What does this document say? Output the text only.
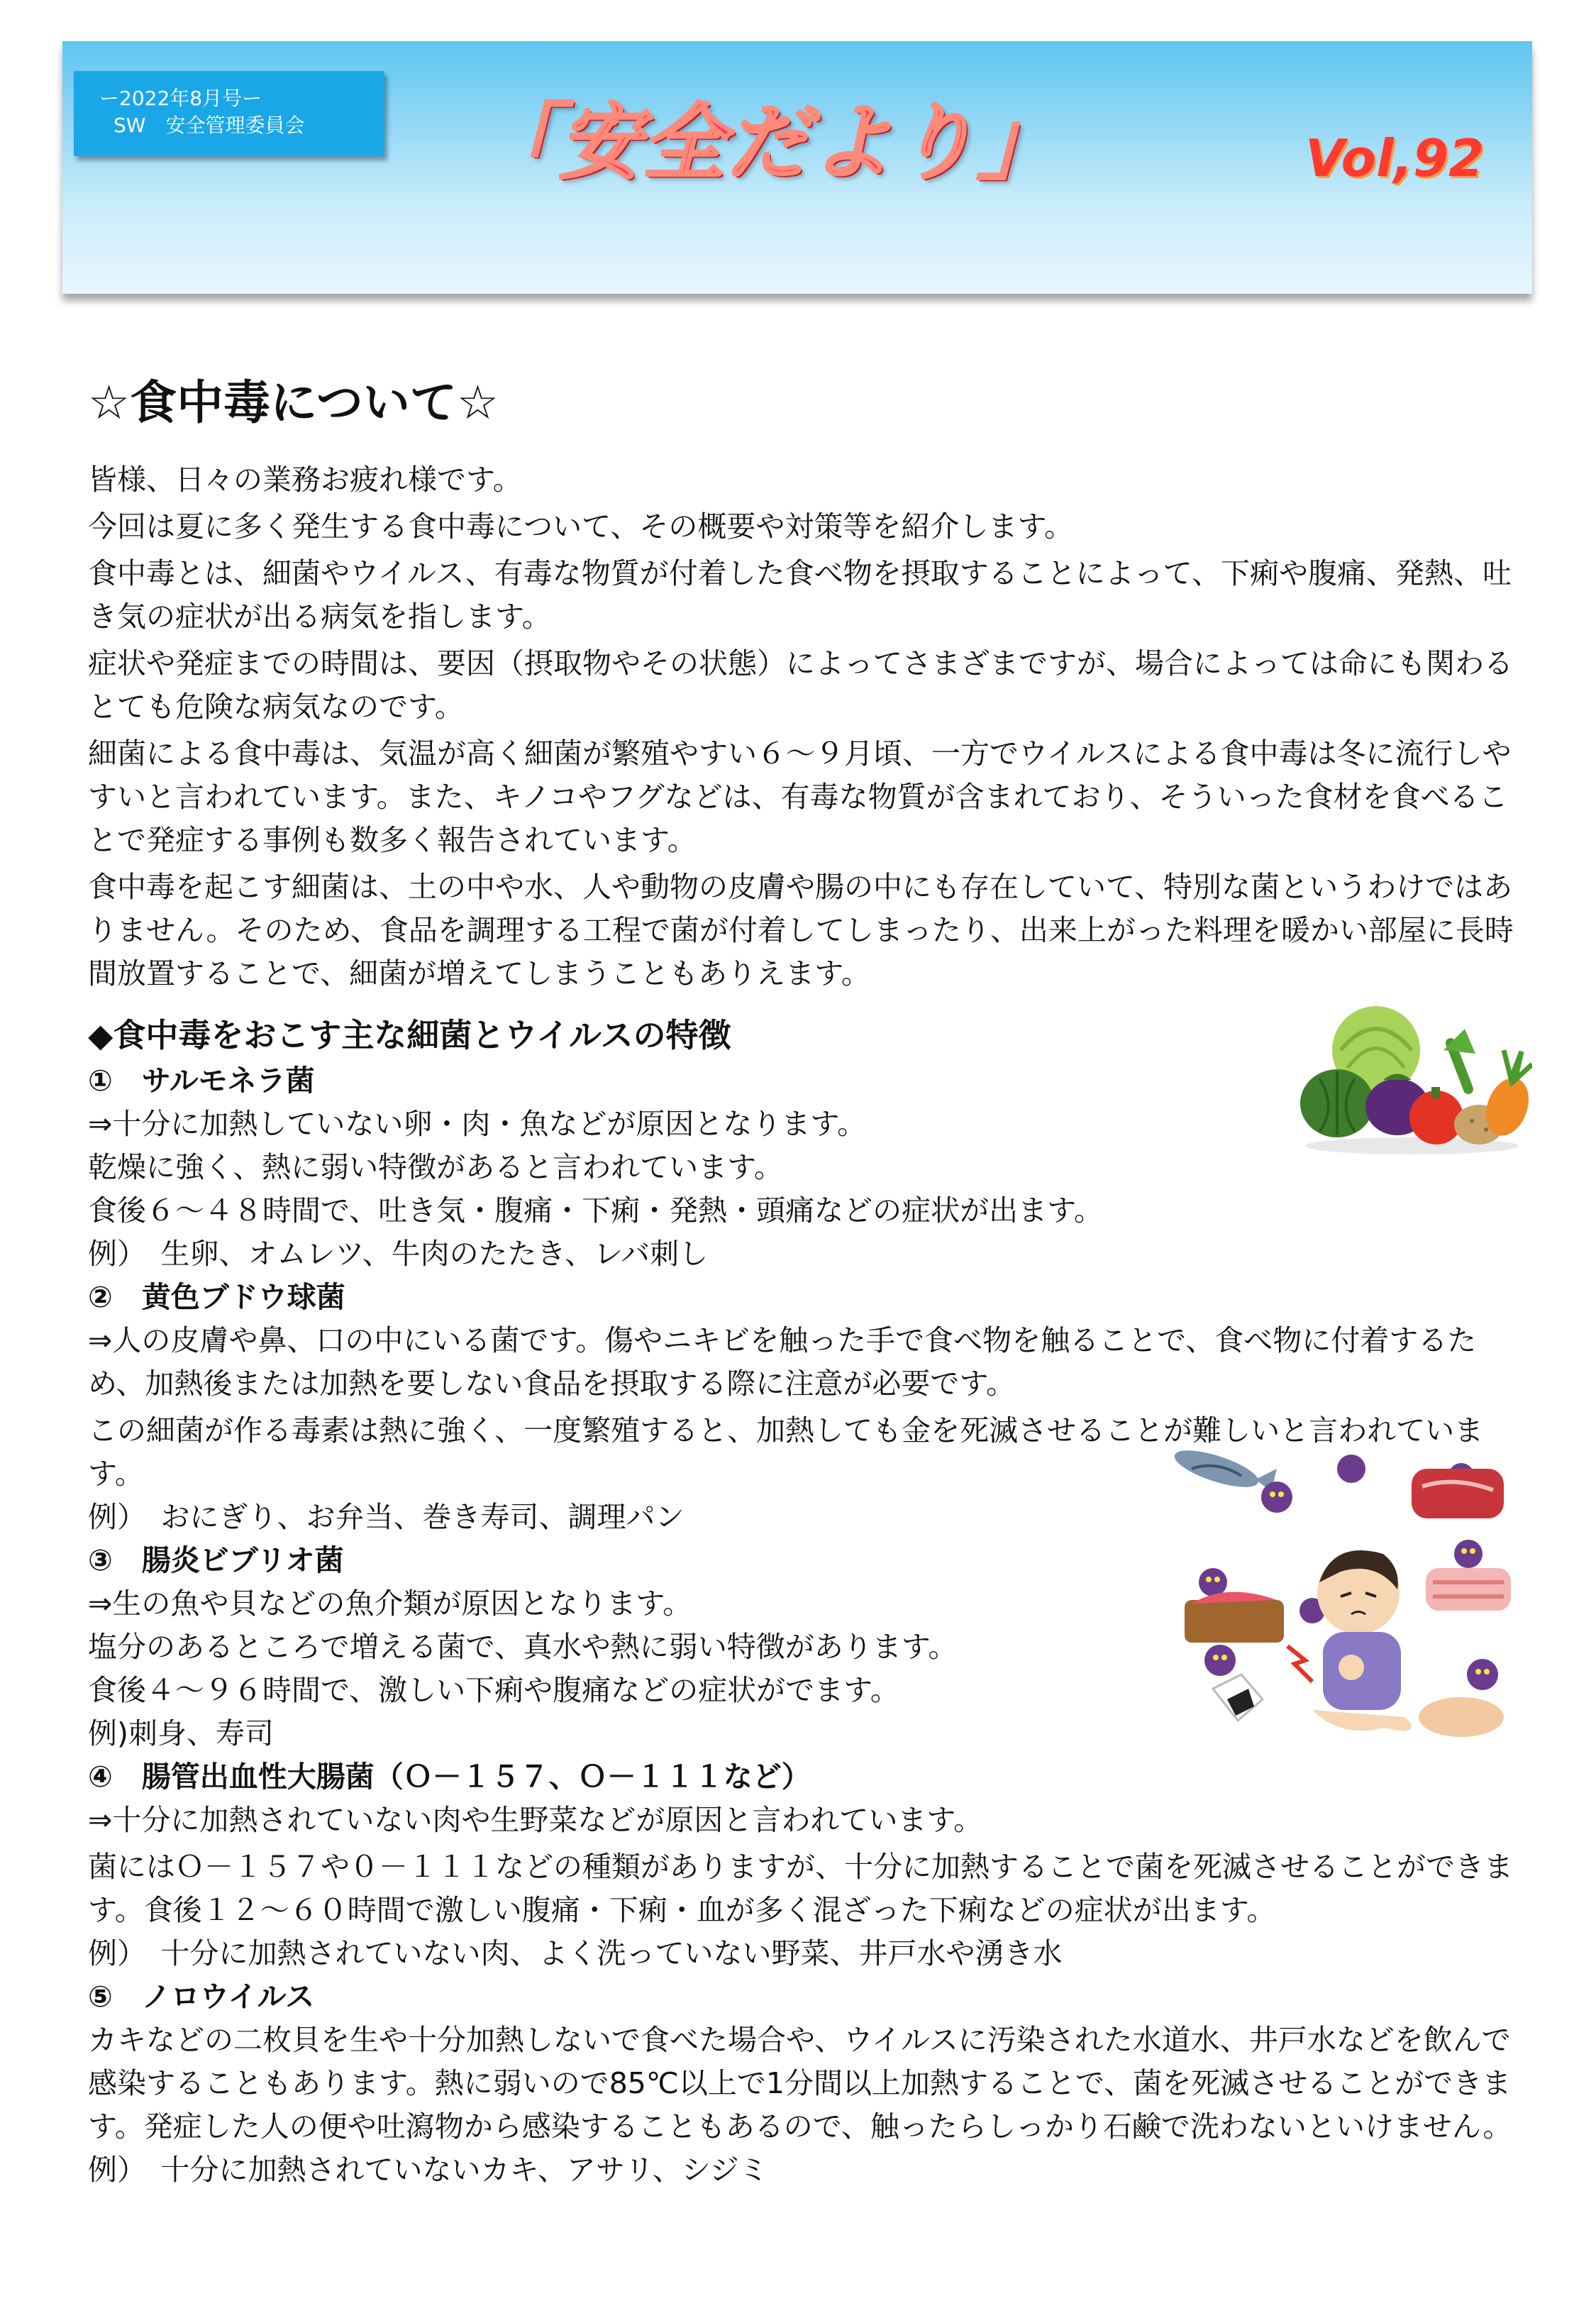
ー2022年8月号ー
SW　安全管理委員会	「安全だより」	Vol,92
☆食中毒について☆
皆様、日々の業務お疲れ様です。
今回は夏に多く発生する食中毒について、その概要や対策等を紹介します。
食中毒とは、細菌やウイルス、有毒な物質が付着した食べ物を摂取することによって、下痢や腹痛、発熱、吐き気の症状が出る病気を指します。
症状や発症までの時間は、要因（摂取物やその状態）によってさまざまですが、場合によっては命にも関わるとても危険な病気なのです。
細菌による食中毒は、気温が高く細菌が繁殖やすい６～９月頃、一方でウイルスによる食中毒は冬に流行しやすいと言われています。また、キノコやフグなどは、有毒な物質が含まれており、そういった食材を食べることで発症する事例も数多く報告されています。
食中毒を起こす細菌は、土の中や水、人や動物の皮膚や腸の中にも存在していて、特別な菌というわけではありません。そのため、食品を調理する工程で菌が付着してしまったり、出来上がった料理を暖かい部屋に長時間放置することで、細菌が増えてしまうこともありえます。
◆食中毒をおこす主な細菌とウイルスの特徴
①　サルモネラ菌
⇒十分に加熱していない卵・肉・魚などが原因となります。
乾燥に強く、熱に弱い特徴があると言われています。
食後６～４８時間で、吐き気・腹痛・下痢・発熱・頭痛などの症状が出ます。
例）　生卵、オムレツ、牛肉のたたき、レバ刺し
②　黄色ブドウ球菌
⇒人の皮膚や鼻、口の中にいる菌です。傷やニキビを触った手で食べ物を触ることで、食べ物に付着するため、加熱後または加熱を要しない食品を摂取する際に注意が必要です。
この細菌が作る毒素は熱に強く、一度繁殖すると、加熱しても金を死滅させることが難しいと言われています。
例）　おにぎり、お弁当、巻き寿司、調理パン
③　腸炎ビブリオ菌
⇒生の魚や貝などの魚介類が原因となります。
塩分のあるところで増える菌で、真水や熱に弱い特徴があります。
食後４～９６時間で、激しい下痢や腹痛などの症状がでます。
例)刺身、寿司
④　腸管出血性大腸菌（Ｏ－１５７、Ｏ－１１１など）
⇒十分に加熱されていない肉や生野菜などが原因と言われています。
菌にはＯ－１５７や０－１１１などの種類がありますが、十分に加熱することで菌を死滅させることができます。食後１２～６０時間で激しい腹痛・下痢・血が多く混ざった下痢などの症状が出ます。
例）　十分に加熱されていない肉、よく洗っていない野菜、井戸水や湧き水
⑤　ノロウイルス
カキなどの二枚貝を生や十分加熱しないで食べた場合や、ウイルスに汚染された水道水、井戸水などを飲んで感染することもあります。熱に弱いので85℃以上で1分間以上加熱することで、菌を死滅させることができます。発症した人の便や吐瀉物から感染することもあるので、触ったらしっかり石鹸で洗わないといけません。
例）　十分に加熱されていないカキ、アサリ、シジミ
